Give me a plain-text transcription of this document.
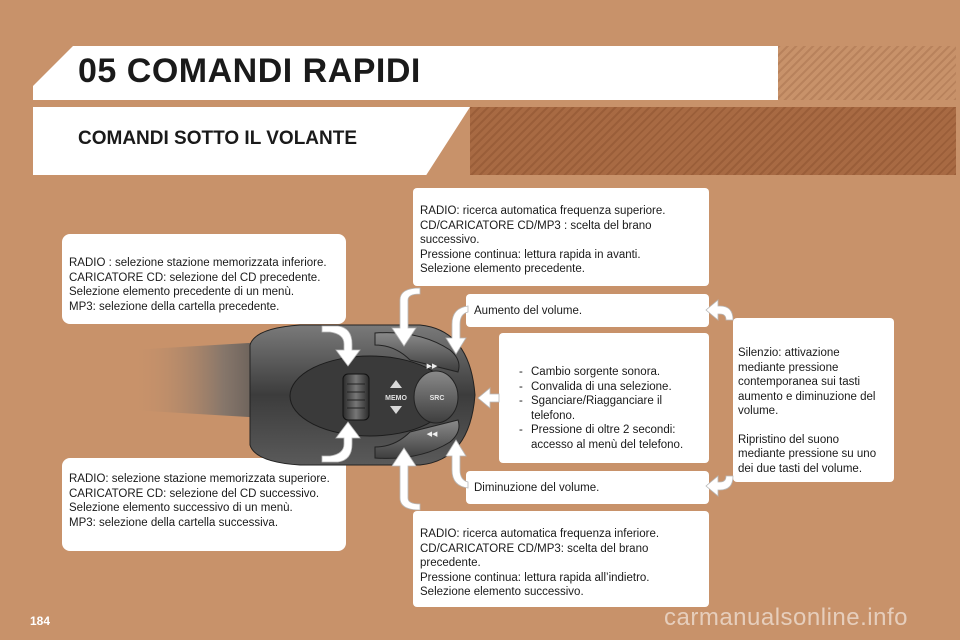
05 COMANDI RAPIDI
COMANDI SOTTO IL VOLANTE

RADIO : selezione stazione memorizzata inferiore.

CARICATORE CD: selezione del CD precedente.

Selezione elemento precedente di un menù.

MP3: selezione della cartella precedente.

RADIO: selezione stazione memorizzata superiore.

CARICATORE CD: selezione del CD successivo.

Selezione elemento successivo di un menù.

MP3: selezione della cartella successiva.

RADIO: ricerca automatica frequenza superiore.

CD/CARICATORE CD/MP3 : scelta del brano successivo.

Pressione continua: lettura rapida in avanti.

Selezione elemento precedente.

RADIO: ricerca automatica frequenza inferiore.

CD/CARICATORE CD/MP3: scelta del brano precedente.

Pressione continua: lettura rapida all’indietro.

Selezione elemento successivo.

Aumento del volume.

Diminuzione del volume.

- Cambio sorgente sonora.
- Convalida di una selezione.
- Sganciare/Riagganciare il telefono.
- Pressione di oltre 2 secondi: accesso al menù del telefono.

Silenzio: attivazione mediante pressione contemporanea sui tasti aumento e diminuzione del volume.

Ripristino del suono mediante pressione su uno dei due tasti del volume.

MEMO	SRC
▶▶
◀◀
184	carmanualsonline.info
